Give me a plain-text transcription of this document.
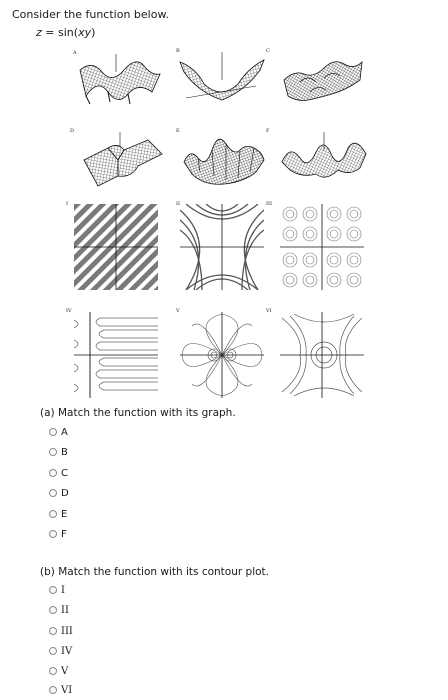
Consider the function below.
z = sin(xy)
A	B	C
D	E	F
I	II	III
IV	V	VI
(a) Match the function with its graph.
A
B
C
D
E
F
(b) Match the function with its contour plot.
I
II
III
IV
V
VI
